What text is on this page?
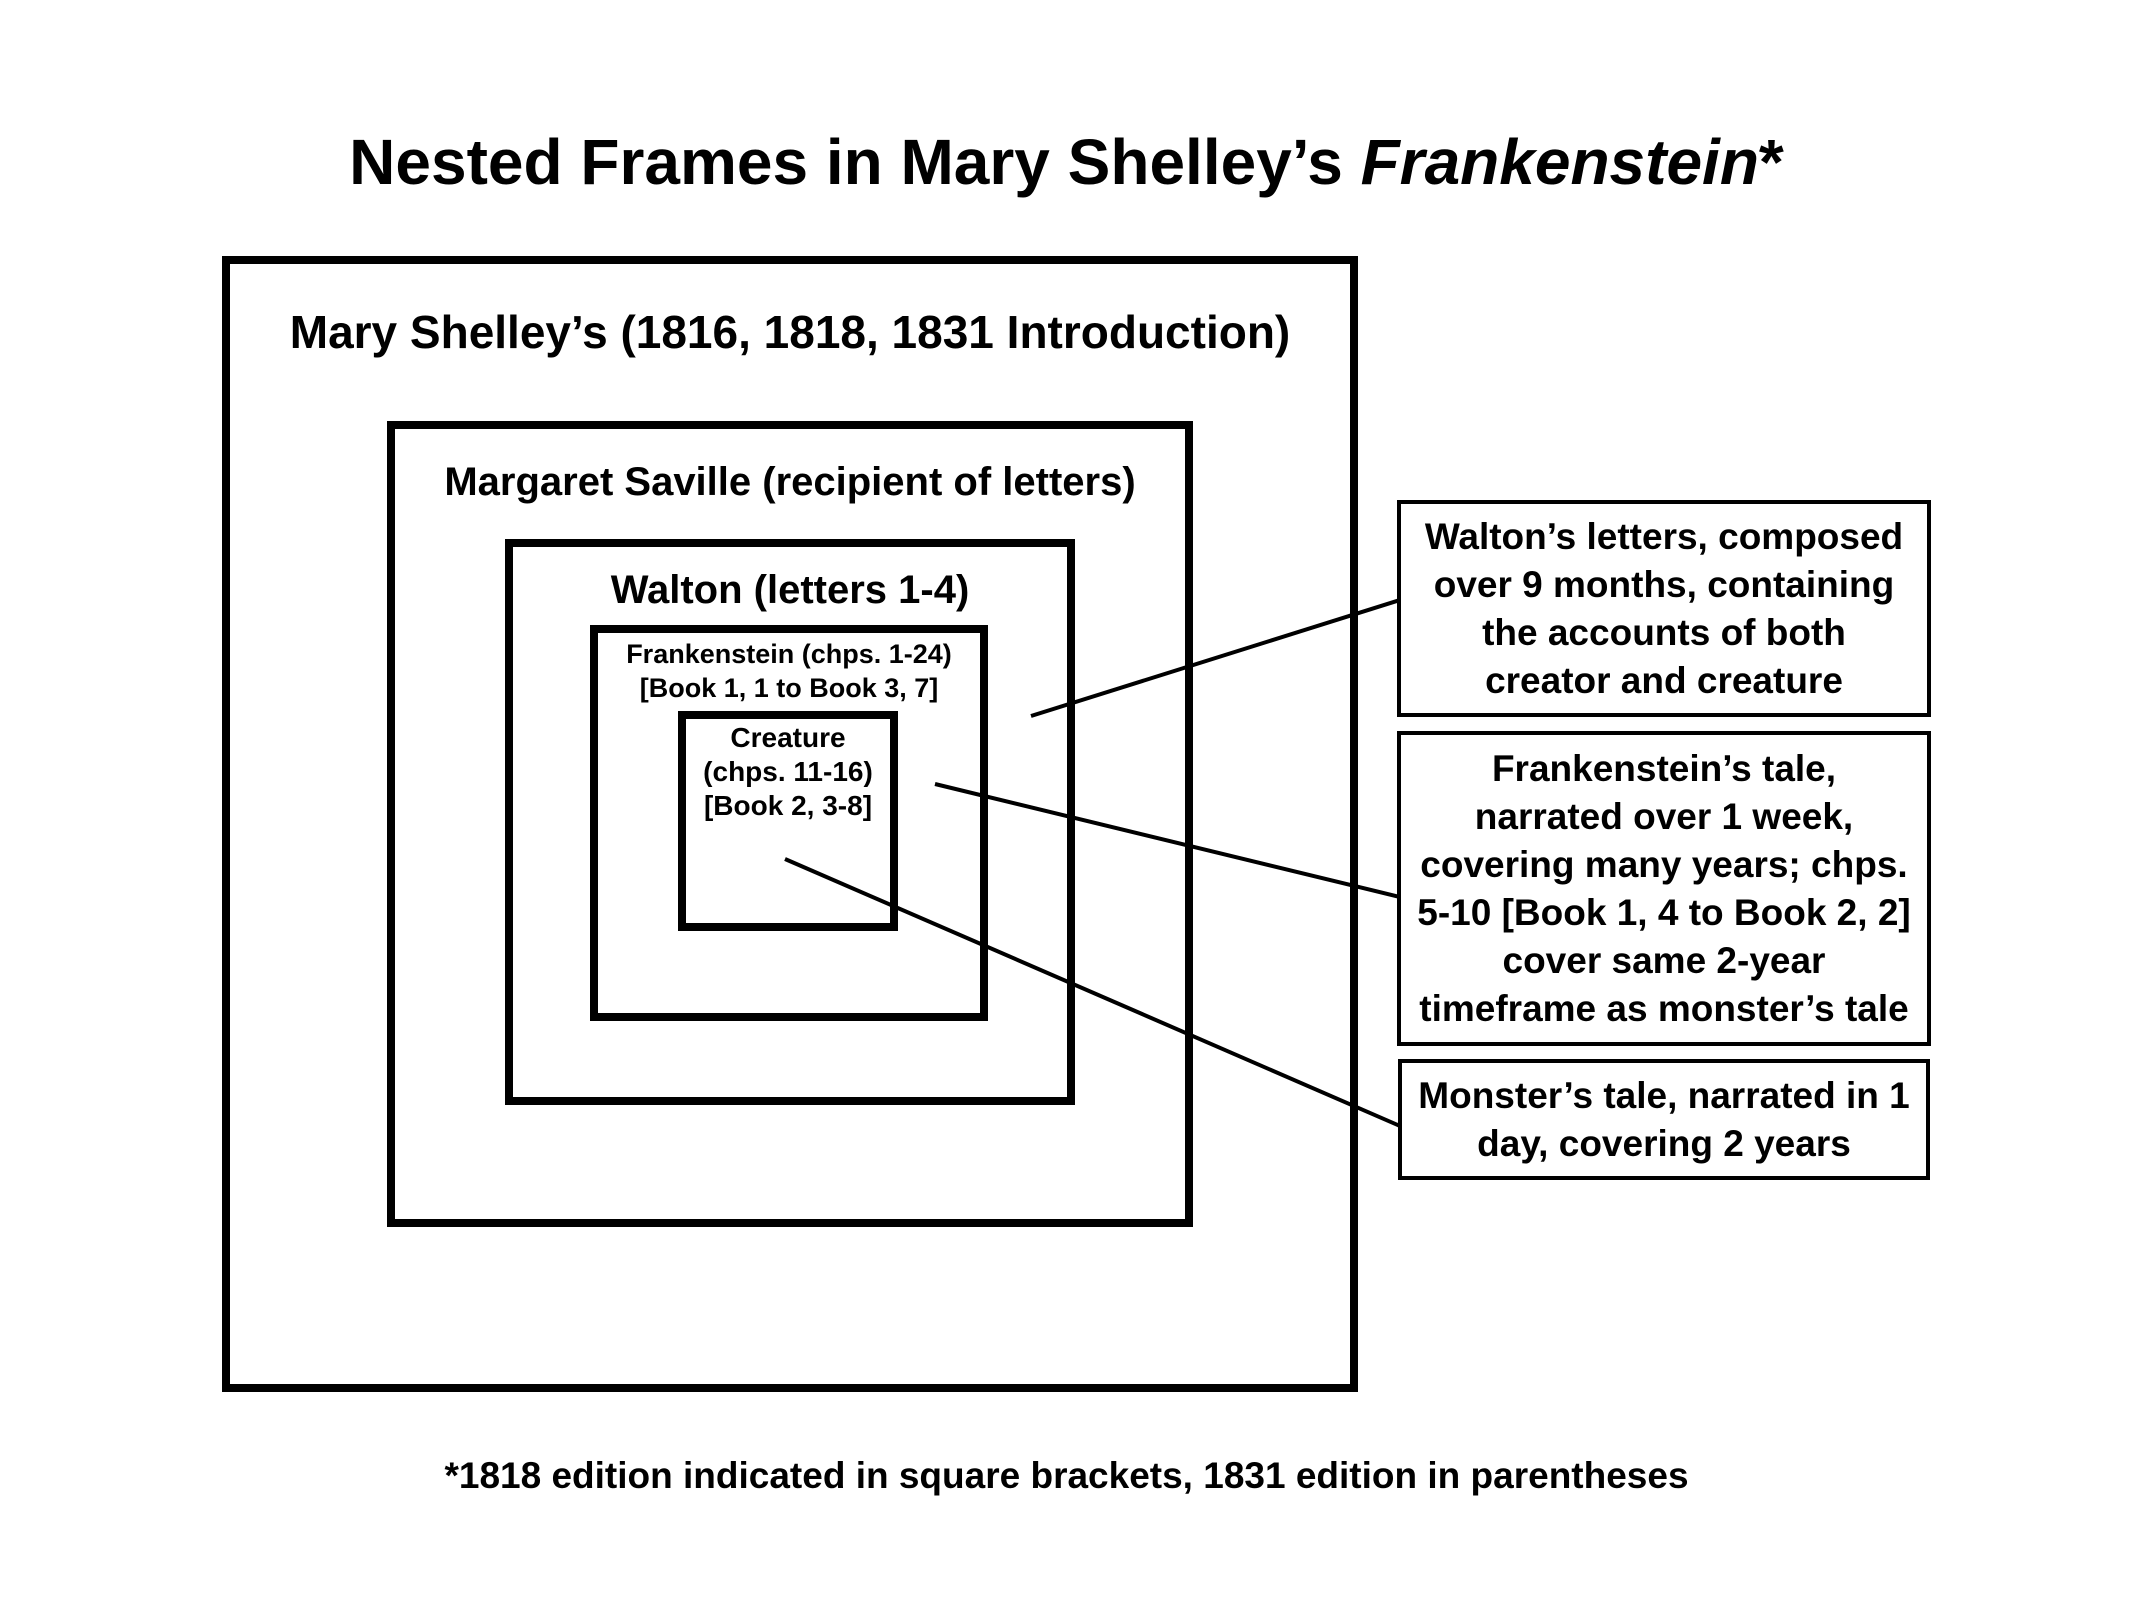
Nested Frames in Mary Shelley’s Frankenstein*
Mary Shelley’s (1816, 1818, 1831 Introduction)
Margaret Saville (recipient of letters)
Walton (letters 1-4)
Frankenstein (chps. 1-24)
[Book 1, 1 to Book 3, 7]
Creature
(chps. 11-16)
[Book 2, 3-8]
Walton’s letters, composed
over 9 months, containing
the accounts of both
creator and creature
Frankenstein’s tale,
narrated over 1 week,
covering many years; chps.
5-10 [Book 1, 4 to Book 2, 2]
cover same 2-year
timeframe as monster’s tale
Monster’s tale, narrated in 1
day, covering 2 years
*1818 edition indicated in square brackets, 1831 edition in parentheses
